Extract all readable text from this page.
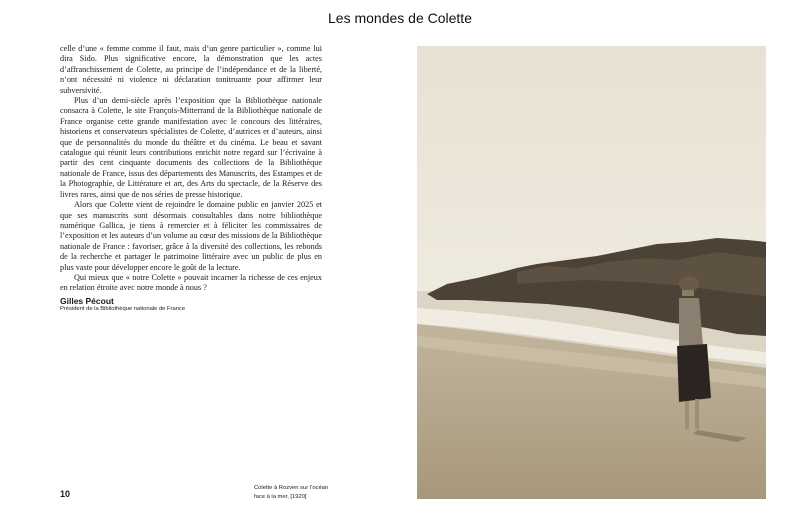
Les mondes de Colette

celle d’une « femme comme il faut, mais d’un genre particulier », comme lui dira Sido. Plus significative encore, la démonstration que les actes d’affranchissement de Colette, au principe de l’indépendance et de la liberté, n’ont nécessité ni violence ni déclaration tonitruante pour affirmer leur subversivité.

Plus d’un demi-siècle après l’exposition que la Bibliothèque nationale consacra à Colette, le site François-Mitterrand de la Bibliothèque nationale de France organise cette grande manifestation avec le concours des littéraires, historiens et conservateurs spécialistes de Colette, d’autrices et d’auteurs, ainsi que de personnalités du monde du théâtre et du cinéma. Le beau et savant catalogue qui réunit leurs contributions enrichit notre regard sur l’écrivaine à partir des cent cinquante documents des collections de la Bibliothèque nationale de France, issus des départements des Manuscrits, des Estampes et de la Photographie, de Littérature et art, des Arts du spectacle, de la Réserve des livres rares, ainsi que de nos séries de presse historique.

Alors que Colette vient de rejoindre le domaine public en janvier 2025 et que ses manuscrits sont désormais consultables dans notre bibliothèque numérique Gallica, je tiens à remercier et à féliciter les commissaires de l’exposition et les auteurs d’un volume au cœur des missions de la Bibliothèque nationale de France : favoriser, grâce à la diversité des collections, les rebonds de la recherche et partager le patrimoine littéraire avec un public de plus en plus vaste pour développer encore le goût de la lecture.

Qui mieux que « notre Colette » pouvait incarner la richesse de ces enjeux en relation étroite avec notre monde à nous ?

Gilles Pécout
Président de la Bibliothèque nationale de France
10
Colette à Rozven sur l’océan
face à la mer, [1920]
